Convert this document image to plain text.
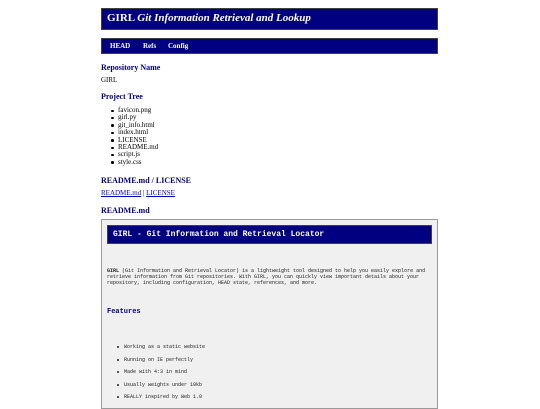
GIRL Git Information Retrieval and Lookup
HEAD Refs Config
Repository Name
GIRL
Project Tree
favicon.png
girl.py
git_info.html
index.html
LICENSE
README.md
script.js
style.css
README.md / LICENSE
README.md | LICENSE
README.md
GIRL - Git Information and Retrieval Locator
GIRL (Git Information and Retrieval Locator) is a lightweight tool designed to help you easily explore and retrieve information from Git repositories. With GIRL, you can quickly view important details about your repository, including configuration, HEAD state, references, and more.
Features
Working as a static website
Running on IE perfectly
Made with 4:3 in mind
Usually weights under 10kb
REALLY inspired by Web 1.0
